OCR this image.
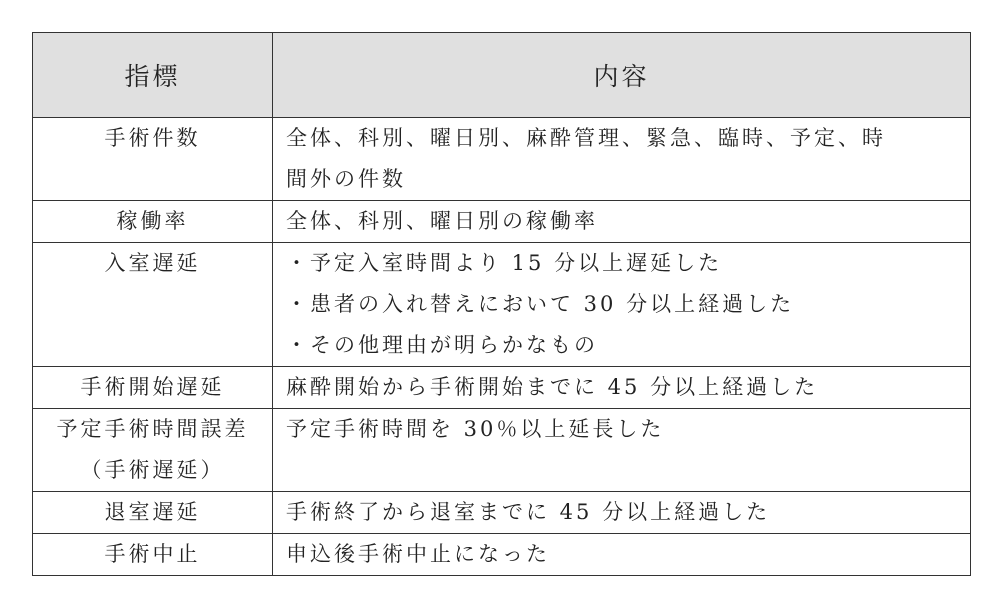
指標	内容

手術件数	全体、科別、曜日別、麻酔管理、緊急、臨時、予定、時
間外の件数

稼働率	全体、科別、曜日別の稼働率

入室遅延	・予定入室時間より 15 分以上遅延した
・患者の入れ替えにおいて 30 分以上経過した
・その他理由が明らかなもの

手術開始遅延	麻酔開始から手術開始までに 45 分以上経過した

予定手術時間誤差
（手術遅延）	予定手術時間を 30％以上延長した

退室遅延	手術終了から退室までに 45 分以上経過した

手術中止	申込後手術中止になった
